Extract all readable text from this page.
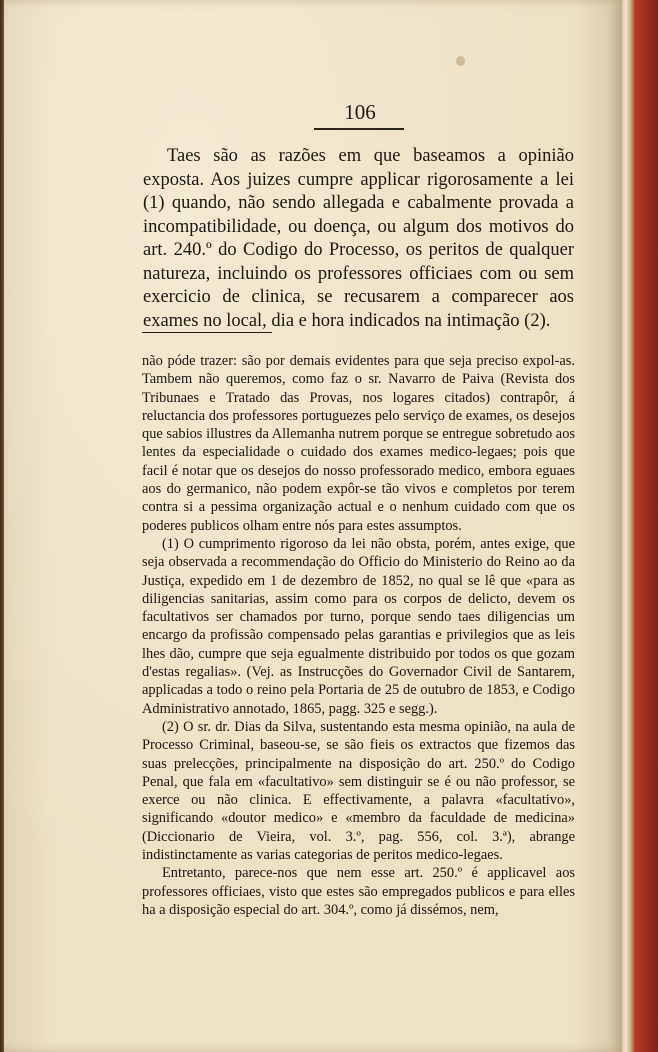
106

Taes são as razões em que baseamos a opinião exposta. Aos juizes cumpre applicar rigorosamente a lei (1) quando, não sendo allegada e cabalmente provada a incompatibilidade, ou doença, ou algum dos motivos do art. 240.º do Codigo do Processo, os peritos de qualquer natureza, incluindo os professores officiaes com ou sem exercicio de clinica, se recusarem a comparecer aos exames no local, dia e hora indicados na intimação (2).

não póde trazer: são por demais evidentes para que seja preciso expol-as. Tambem não queremos, como faz o sr. Navarro de Paiva (Revista dos Tribunaes e Tratado das Provas, nos logares citados) contrapôr, á reluctancia dos professores portuguezes pelo serviço de exames, os desejos que sabios illustres da Allemanha nutrem porque se entregue sobretudo aos lentes da especialidade o cuidado dos exames medico-legaes; pois que facil é notar que os desejos do nosso professorado medico, embora eguaes aos do germanico, não podem expôr-se tão vivos e completos por terem contra si a pessima organização actual e o nenhum cuidado com que os poderes publicos olham entre nós para estes assumptos.

(1) O cumprimento rigoroso da lei não obsta, porém, antes exige, que seja observada a recommendação do Officio do Ministerio do Reino ao da Justiça, expedido em 1 de dezembro de 1852, no qual se lê que «para as diligencias sanitarias, assim como para os corpos de delicto, devem os facultativos ser chamados por turno, porque sendo taes diligencias um encargo da profissão compensado pelas garantias e privilegios que as leis lhes dão, cumpre que seja egualmente distribuido por todos os que gozam d'estas regalias». (Vej. as Instrucções do Governador Civil de Santarem, applicadas a todo o reino pela Portaria de 25 de outubro de 1853, e Codigo Administrativo annotado, 1865, pagg. 325 e segg.).

(2) O sr. dr. Dias da Silva, sustentando esta mesma opinião, na aula de Processo Criminal, baseou-se, se são fieis os extractos que fizemos das suas prelecções, principalmente na disposição do art. 250.º do Codigo Penal, que fala em «facultativo» sem distinguir se é ou não professor, se exerce ou não clinica. E effectivamente, a palavra «facultativo», significando «doutor medico» e «membro da faculdade de medicina» (Diccionario de Vieira, vol. 3.º, pag. 556, col. 3.ª), abrange indistinctamente as varias categorias de peritos medico-legaes.

Entretanto, parece-nos que nem esse art. 250.º é applicavel aos professores officiaes, visto que estes são empregados publicos e para elles ha a disposição especial do art. 304.º, como já dissémos, nem,
